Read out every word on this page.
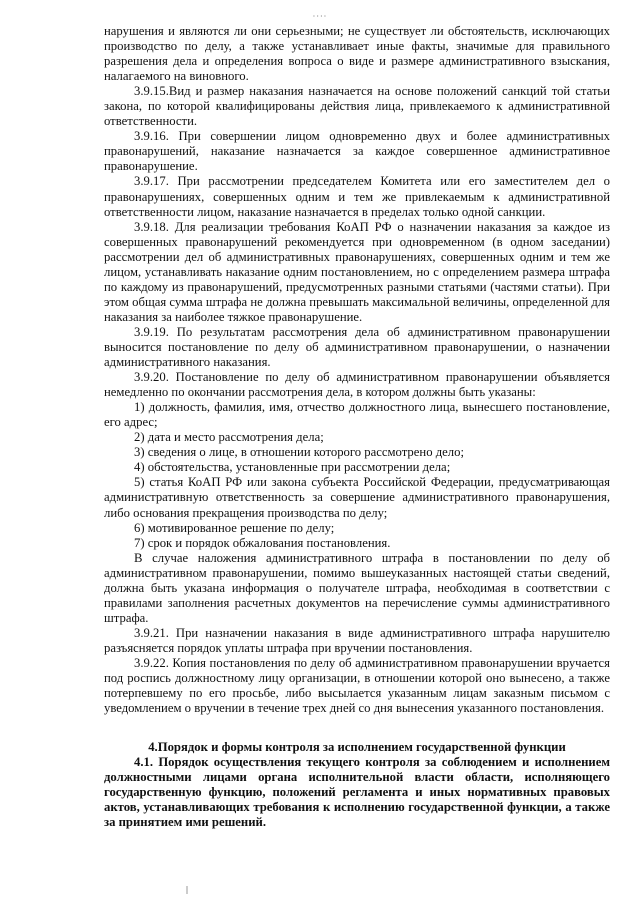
····

нарушения и являются ли они серьезными; не существует ли обстоятельств, исключающих производство по делу, а также устанавливает иные факты, значимые для правильного разрешения дела и определения вопроса о виде и размере административного взыскания, налагаемого на виновного.

3.9.15.Вид и размер наказания назначается на основе положений санкций той статьи закона, по которой квалифицированы действия лица, привлекаемого к административной ответственности.

3.9.16. При совершении лицом одновременно двух и более административных правонарушений, наказание назначается за каждое совершенное административное правонарушение.

3.9.17. При рассмотрении председателем Комитета или его заместителем дел о правонарушениях, совершенных одним и тем же привлекаемым к административной ответственности лицом, наказание назначается в пределах только одной санкции.

3.9.18. Для реализации требования КоАП РФ о назначении наказания за каждое из совершенных правонарушений рекомендуется при одновременном (в одном заседании) рассмотрении дел об административных правонарушениях, совершенных одним и тем же лицом, устанавливать наказание одним постановлением, но с определением размера штрафа по каждому из правонарушений, предусмотренных разными статьями (частями статьи). При этом общая сумма штрафа не должна превышать максимальной величины, определенной для наказания за наиболее тяжкое правонарушение.

3.9.19. По результатам рассмотрения дела об административном правонарушении выносится постановление по делу об административном правонарушении, о назначении административного наказания.

3.9.20. Постановление по делу об административном правонарушении объявляется немедленно по окончании рассмотрения дела, в котором должны быть указаны:

1) должность, фамилия, имя, отчество должностного лица, вынесшего постановление, его адрес;

2) дата и место рассмотрения дела;

3) сведения о лице, в отношении которого рассмотрено дело;

4) обстоятельства, установленные при рассмотрении дела;

5) статья КоАП РФ или закона субъекта Российской Федерации, предусматривающая административную ответственность за совершение административного правонарушения, либо основания прекращения производства по делу;

6) мотивированное решение по делу;

7) срок и порядок обжалования постановления.

В случае наложения административного штрафа в постановлении по делу об административном правонарушении, помимо вышеуказанных настоящей статьи сведений, должна быть указана информация о получателе штрафа, необходимая в соответствии с правилами заполнения расчетных документов на перечисление суммы административного штрафа.

3.9.21. При назначении наказания в виде административного штрафа нарушителю разъясняется порядок уплаты штрафа при вручении постановления.

3.9.22. Копия постановления по делу об административном правонарушении вручается под роспись должностному лицу организации, в отношении которой оно вынесено, а также потерпевшему по его просьбе, либо высылается указанным лицам заказным письмом с уведомлением о вручении в течение трех дней со дня вынесения указанного постановления.

4.Порядок и формы контроля за исполнением государственной функции

4.1. Порядок осуществления текущего контроля за соблюдением и исполнением должностными лицами органа исполнительной власти области, исполняющего государственную функцию, положений регламента и иных нормативных правовых актов, устанавливающих требования к исполнению государственной функции, а также за принятием ими решений.
